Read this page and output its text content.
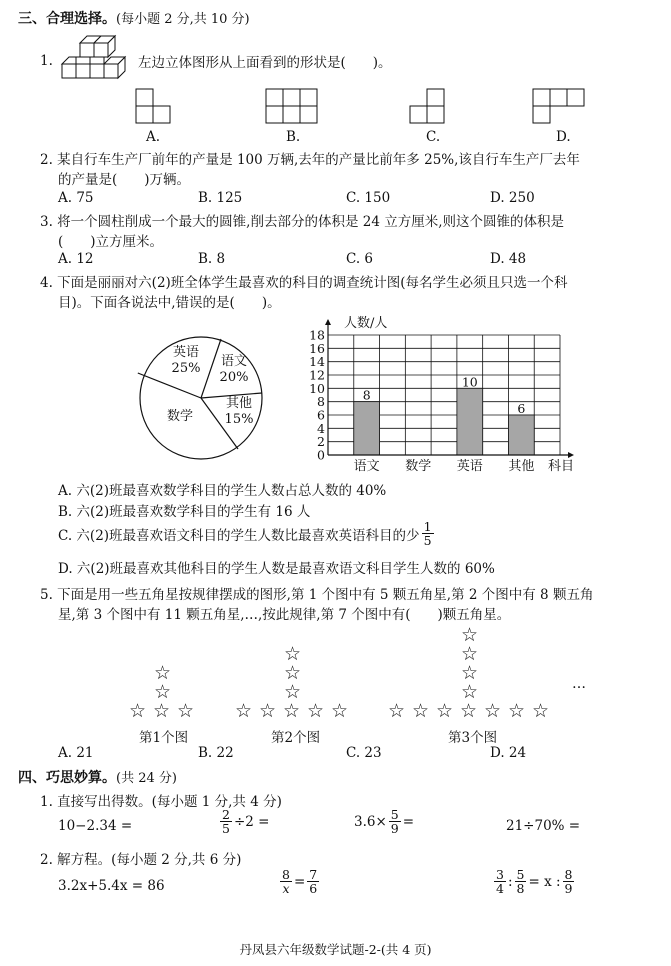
三、合理选择。(每小题 2 分,共 10 分)
1.	左边立体图形从上面看到的形状是(　　)。
A.	B.	C.	D.
2. 某自行车生产厂前年的产量是 100 万辆,去年的产量比前年多 25%,该自行车生产厂去年
的产量是(　　)万辆。
A. 75	B. 125	C. 150	D. 250
3. 将一个圆柱削成一个最大的圆锥,削去部分的体积是 24 立方厘米,则这个圆锥的体积是
(　　)立方厘米。
A. 12	B. 8	C. 6	D. 48
4. 下面是丽丽对六(2)班全体学生最喜欢的科目的调查统计图(每名学生必须且只选一个科
目)。下面各说法中,错误的是(　　)。
英语
25% 语文
20%
其他
15%
数学
8
10
6
0
2
4
6
8
10
12
14
16
18
语文 数学 英语 其他
人数/人
科目
A. 六(2)班最喜欢数学科目的学生人数占总人数的 40%
B. 六(2)班最喜欢数学科目的学生有 16 人
C. 六(2)班最喜欢语文科目的学生人数比最喜欢英语科目的少 $\frac{1}{5}$
D. 六(2)班最喜欢其他科目的学生人数是最喜欢语文科目学生人数的 60%
5. 下面是用一些五角星按规律摆成的图形,第 1 个图中有 5 颗五角星,第 2 个图中有 8 颗五角
星,第 3 个图中有 11 颗五角星,…,按此规律,第 7 个图中有(　　)颗五角星。
☆ ☆ ☆
☆
☆
☆ ☆ ☆ ☆ ☆
☆
☆
☆
☆ ☆ ☆ ☆ ☆ ☆ ☆
☆
☆
☆
☆
…
第1个图	第2个图	第3个图
A. 21	B. 22	C. 23	D. 24
四、巧思妙算。(共 24 分)
1. 直接写出得数。(每小题 1 分,共 4 分)
10−2.34 =	$\frac{2}{5} \div 2$ =	$3.6\times \frac{5}{9}$ =	21÷70% =
2. 解方程。(每小题 2 分,共 6 分)
3.2x+5.4x = 86	$\frac{8}{x} = \frac{7}{6}$	$\frac{3}{4}$ : $\frac{5}{8} = x$ : $\frac{8}{9}$
丹凤县六年级数学试题-2-(共 4 页)
